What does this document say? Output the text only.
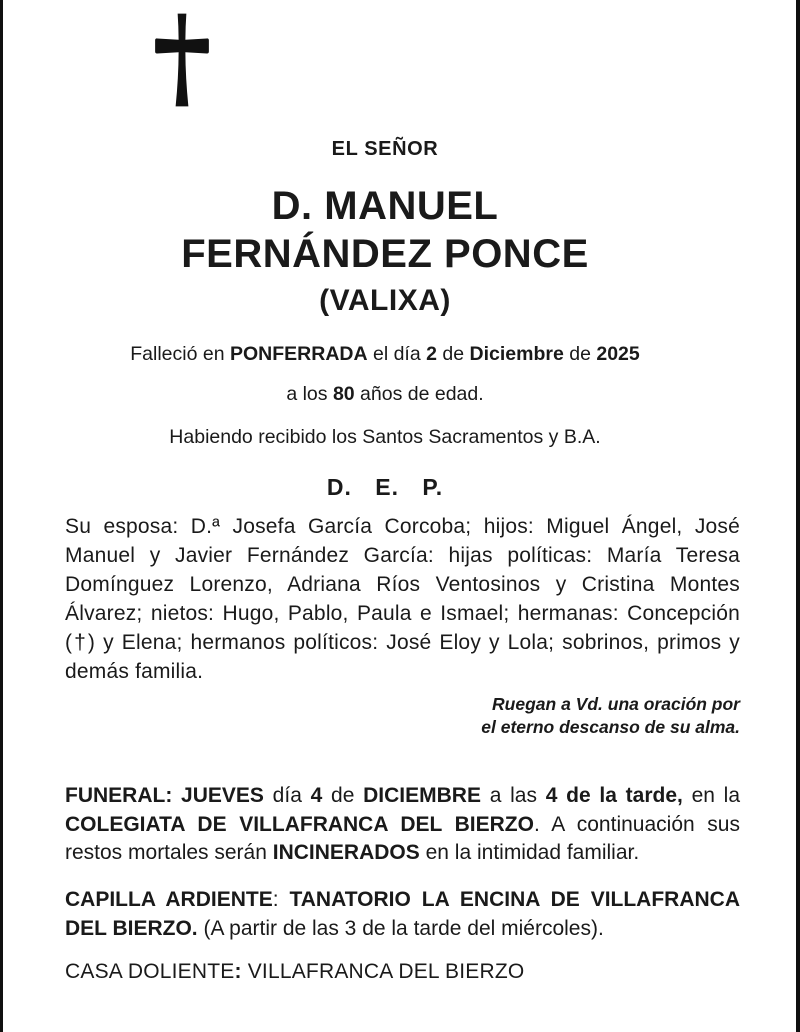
EL SEÑOR
D. MANUEL
FERNÁNDEZ PONCE
(VALIXA)
Falleció en PONFERRADA el día 2 de Diciembre de 2025
a los 80 años de edad.
Habiendo recibido los Santos Sacramentos y B.A.
D. E. P.

Su esposa: D.ª Josefa García Corcoba; hijos: Miguel Ángel, José Manuel y Javier Fernández García: hijas políticas: María Teresa Domínguez Lorenzo, Adriana Ríos Ventosinos y Cristina Montes Álvarez; nietos: Hugo, Pablo, Paula e Ismael; hermanas: Concepción (†) y Elena; hermanos políticos: José Eloy y Lola; sobrinos, primos y demás familia.

Ruegan a Vd. una oración por
el eterno descanso de su alma.

FUNERAL: JUEVES día 4 de DICIEMBRE a las 4 de la tarde, en la COLEGIATA DE VILLAFRANCA DEL BIERZO. A continuación sus restos mortales serán INCINERADOS en la intimidad familiar.

CAPILLA ARDIENTE: TANATORIO LA ENCINA DE VILLAFRANCA DEL BIERZO. (A partir de las 3 de la tarde del miércoles).

CASA DOLIENTE: VILLAFRANCA DEL BIERZO
